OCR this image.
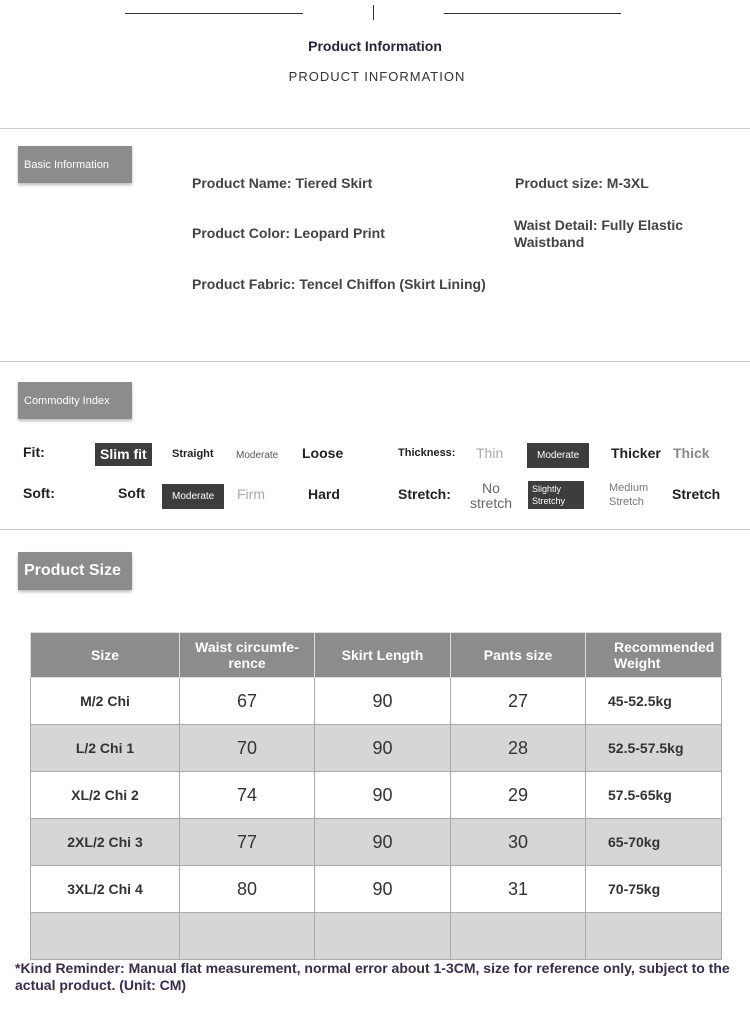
Product Information
PRODUCT INFORMATION
Basic Information
Product Name: Tiered Skirt	Product size: M-3XL
Product Color: Leopard Print	Waist Detail: Fully Elastic Waistband
Product Fabric: Tencel Chiffon (Skirt Lining)
Commodity Index
Fit:	Slim fit	Straight Moderate Loose	Thickness: Thin	Moderate	Thicker Thick
Soft:	Soft	Moderate	Firm	Hard	Stretch:	No stretch
Slightly Stretchy
Medium Stretch	Stretch
Product Size
Size	Waist circumfe-rence	Skirt Length	Pants size	Recommended Weight
M/2 Chi	67	90	27	45-52.5kg
L/2 Chi 1	70	90	28	52.5-57.5kg
XL/2 Chi 2	74	90	29	57.5-65kg
2XL/2 Chi 3	77	90	30	65-70kg
3XL/2 Chi 4	80	90	31	70-75kg

*Kind Reminder: Manual flat measurement, normal error about 1-3CM, size for reference only, subject to the actual product. (Unit: CM)
